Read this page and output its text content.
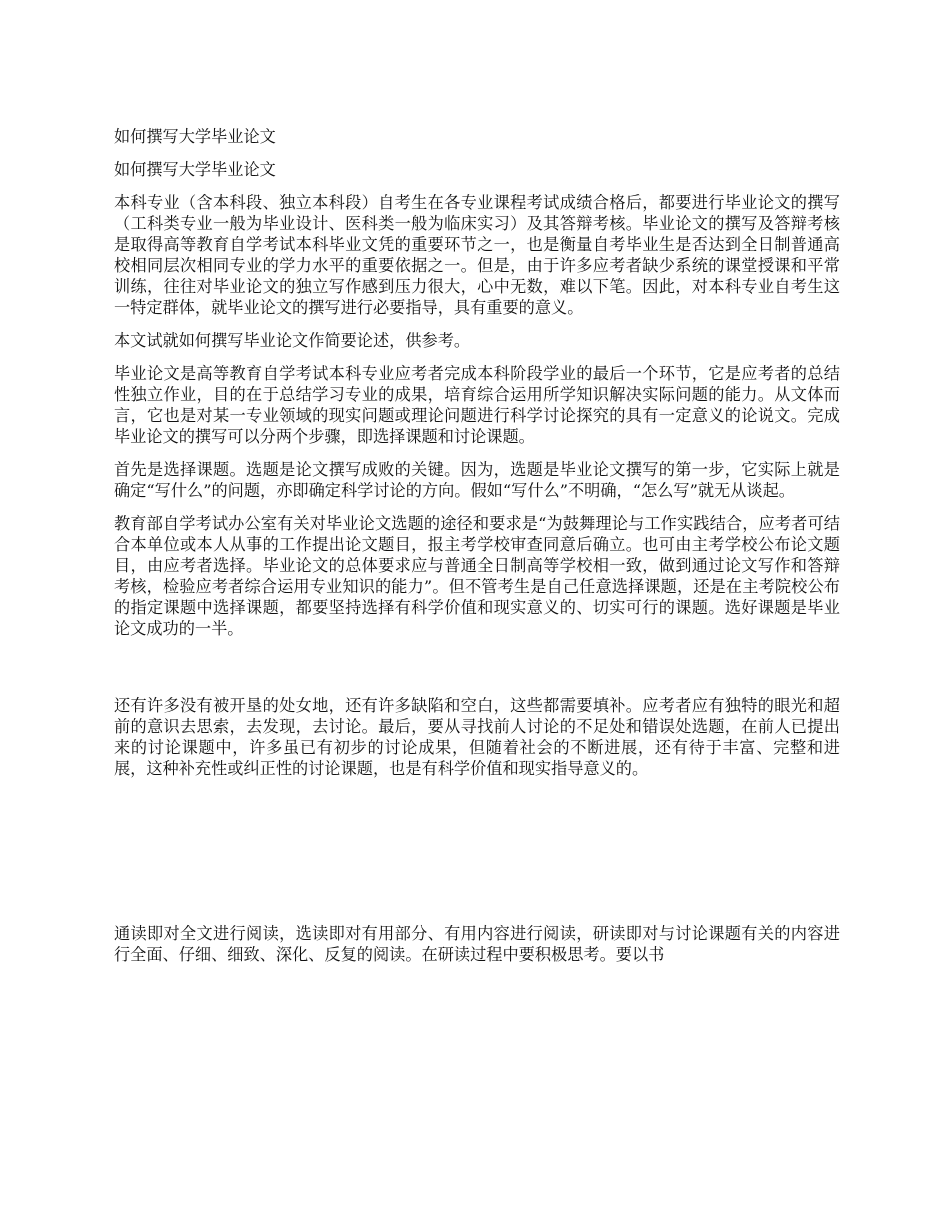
如何撰写大学毕业论文

如何撰写大学毕业论文

本科专业（含本科段、独立本科段）自考生在各专业课程考试成绩合格后，都要进行毕业论文的撰写（工科类专业一般为毕业设计、医科类一般为临床实习）及其答辩考核。毕业论文的撰写及答辩考核是取得高等教育自学考试本科毕业文凭的重要环节之一，也是衡量自考毕业生是否达到全日制普通高校相同层次相同专业的学力水平的重要依据之一。但是，由于许多应考者缺少系统的课堂授课和平常训练，往往对毕业论文的独立写作感到压力很大，心中无数，难以下笔。因此，对本科专业自考生这一特定群体，就毕业论文的撰写进行必要指导，具有重要的意义。

本文试就如何撰写毕业论文作简要论述，供参考。

毕业论文是高等教育自学考试本科专业应考者完成本科阶段学业的最后一个环节，它是应考者的总结性独立作业，目的在于总结学习专业的成果，培育综合运用所学知识解决实际问题的能力。从文体而言，它也是对某一专业领域的现实问题或理论问题进行科学讨论探究的具有一定意义的论说文。完成毕业论文的撰写可以分两个步骤，即选择课题和讨论课题。

首先是选择课题。选题是论文撰写成败的关键。因为，选题是毕业论文撰写的第一步，它实际上就是确定“写什么”的问题，亦即确定科学讨论的方向。假如“写什么”不明确，“怎么写”就无从谈起。

教育部自学考试办公室有关对毕业论文选题的途径和要求是“为鼓舞理论与工作实践结合，应考者可结合本单位或本人从事的工作提出论文题目，报主考学校审查同意后确立。也可由主考学校公布论文题目，由应考者选择。毕业论文的总体要求应与普通全日制高等学校相一致，做到通过论文写作和答辩考核，检验应考者综合运用专业知识的能力”。但不管考生是自己任意选择课题，还是在主考院校公布的指定课题中选择课题，都要坚持选择有科学价值和现实意义的、切实可行的课题。选好课题是毕业论文成功的一半。

还有许多没有被开垦的处女地，还有许多缺陷和空白，这些都需要填补。应考者应有独特的眼光和超前的意识去思索，去发现，去讨论。最后，要从寻找前人讨论的不足处和错误处选题，在前人已提出来的讨论课题中，许多虽已有初步的讨论成果，但随着社会的不断进展，还有待于丰富、完整和进展，这种补充性或纠正性的讨论课题，也是有科学价值和现实指导意义的。

通读即对全文进行阅读，选读即对有用部分、有用内容进行阅读，研读即对与讨论课题有关的内容进行全面、仔细、细致、深化、反复的阅读。在研读过程中要积极思考。要以书
